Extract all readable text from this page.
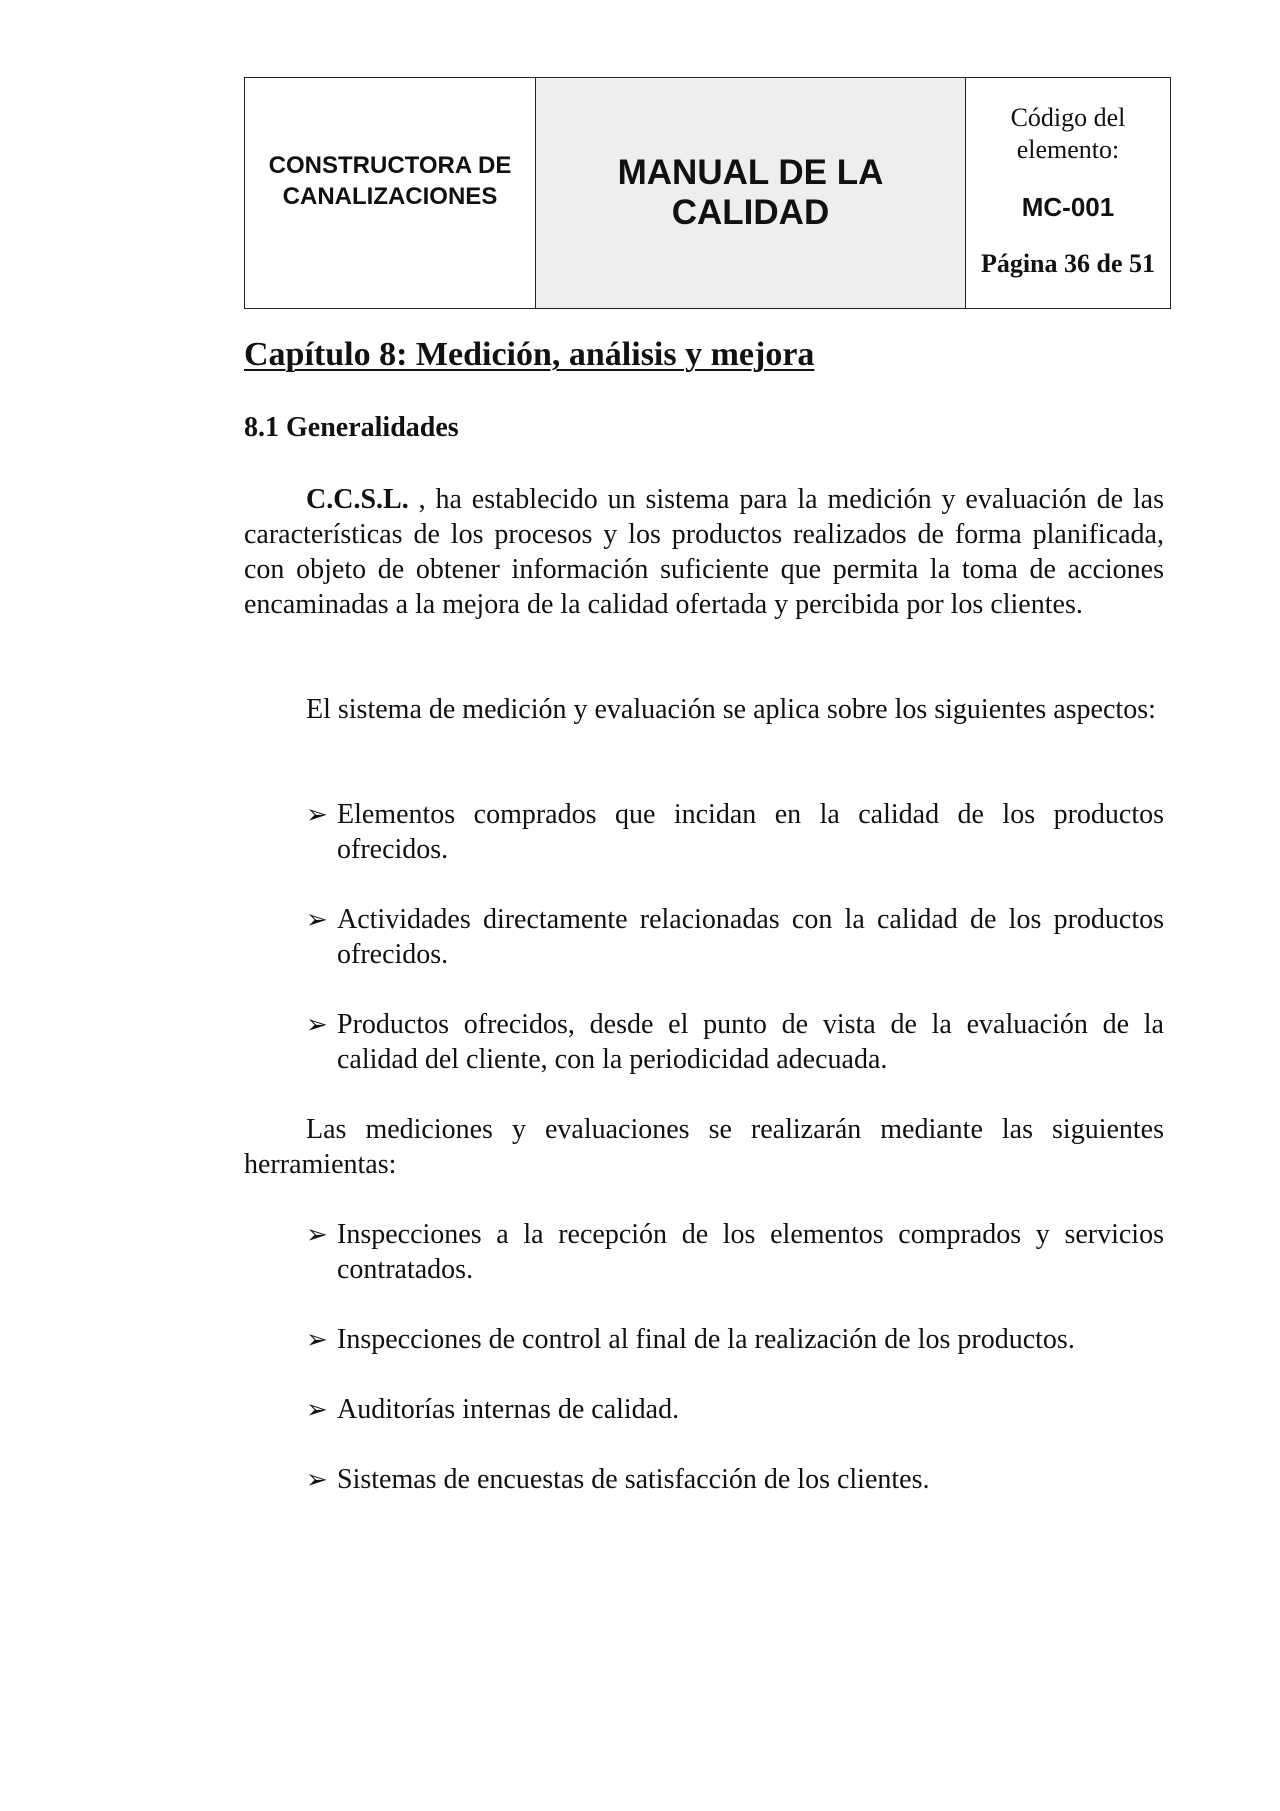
CONSTRUCTORA DE CANALIZACIONES
MANUAL DE LA CALIDAD
Código del elemento:
MC-001
Página 36 de 51
Capítulo 8: Medición, análisis y mejora
8.1 Generalidades

C.C.S.L. , ha establecido un sistema para la medición y evaluación de las características de los procesos y los productos realizados de forma planificada, con objeto de obtener información suficiente que permita la toma de acciones encaminadas a la mejora de la calidad ofertada y percibida por los clientes.

El sistema de medición y evaluación se aplica sobre los siguientes aspectos:

➢ Elementos comprados que incidan en la calidad de los productos ofrecidos.
➢ Actividades directamente relacionadas con la calidad de los productos ofrecidos.
➢ Productos ofrecidos, desde el punto de vista de la evaluación de la calidad del cliente, con la periodicidad adecuada.

Las mediciones y evaluaciones se realizarán mediante las siguientes herramientas:

➢ Inspecciones a la recepción de los elementos comprados y servicios contratados.
➢ Inspecciones de control al final de la realización de los productos.
➢ Auditorías internas de calidad.
➢ Sistemas de encuestas de satisfacción de los clientes.
